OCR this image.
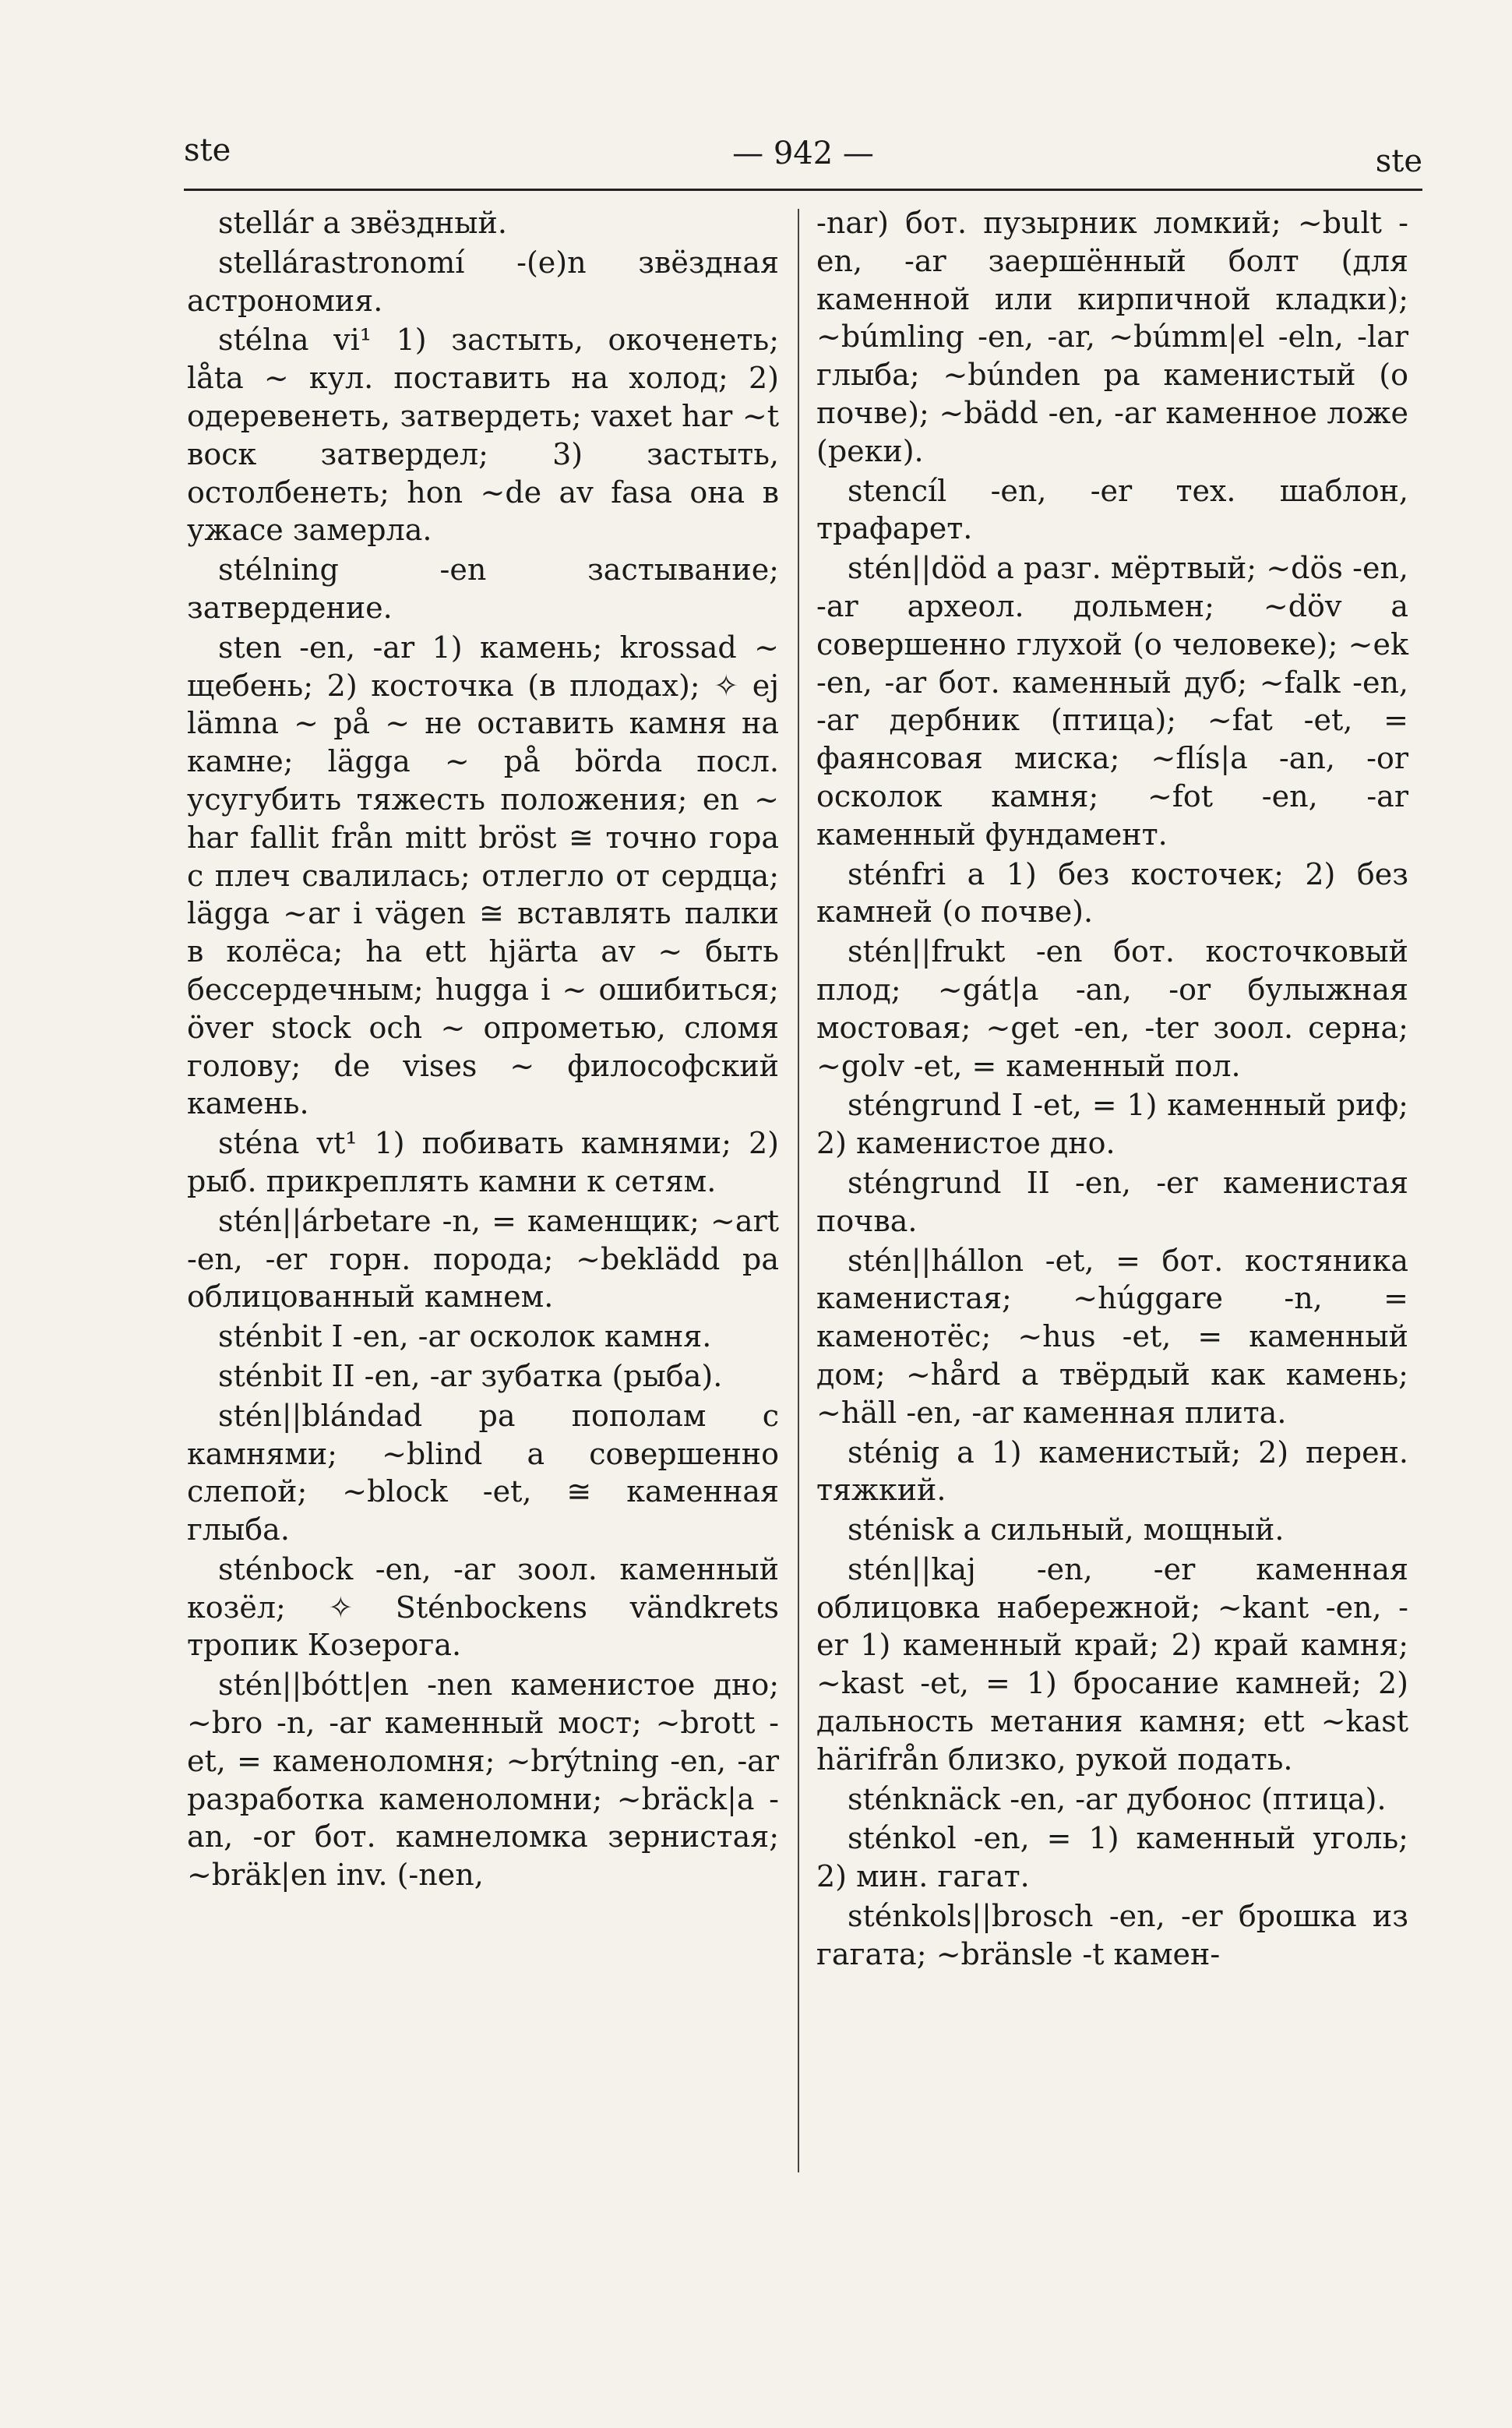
ste	— 942 —	ste

stellár a звёздный.

stellárastronomí -(e)n звёздная астрономия.

stélna vi¹ 1) застыть, окоченеть; låta ~ кул. поставить на холод; 2) одеревенеть, затвердеть; vaxet har ~t воск затвердел; 3) застыть, остолбенеть; hon ~de av fasa она в ужасе замерла.

stélning -en застывание; затвердение.

sten -en, -ar 1) камень; krossad ~ щебень; 2) косточка (в плодах); ✧ ej lämna ~ på ~ не оставить камня на камне; lägga ~ på börda посл. усугубить тяжесть положения; en ~ har fallit från mitt bröst ≅ точно гора с плеч свалилась; отлегло от сердца; lägga ~ar i vägen ≅ вставлять палки в колёса; ha ett hjärta av ~ быть бессердечным; hugga i ~ ошибиться; över stock och ~ опрометью, сломя голову; de vises ~ философский камень.

sténa vt¹ 1) побивать камнями; 2) рыб. прикреплять камни к сетям.

stén||árbetare -n, = каменщик; ~art -en, -er горн. порода; ~beklädd pa облицованный камнем.

sténbit I -en, -ar осколок камня.

sténbit II -en, -ar зубатка (рыба).

stén||blándad pa пополам с камнями; ~blind a совершенно слепой; ~block -et, ≅ каменная глыба.

sténbock -en, -ar зоол. каменный козёл; ✧ Sténbockens vändkrets тропик Козерога.

stén||bótt|en -nen каменистое дно; ~bro -n, -ar каменный мост; ~brott -et, = каменоломня; ~brýtning -en, -ar разработка каменоломни; ~bräck|a -an, -or бот. камнеломка зернистая; ~bräk|en inv. (-nen,

-nar) бот. пузырник ломкий; ~bult -en, -ar заершённый болт (для каменной или кирпичной кладки); ~búmling -en, -ar, ~búmm|el -eln, -lar глыба; ~búnden pa каменистый (о почве); ~bädd -en, -ar каменное ложе (реки).

stencíl -en, -er тех. шаблон, трафарет.

stén||död a разг. мёртвый; ~dös -en, -ar археол. дольмен; ~döv a совершенно глухой (о человеке); ~ek -en, -ar бот. каменный дуб; ~falk -en, -ar дербник (птица); ~fat -et, = фаянсовая миска; ~flís|a -an, -or осколок камня; ~fot -en, -ar каменный фундамент.

sténfri a 1) без косточек; 2) без камней (о почве).

stén||frukt -en бот. косточковый плод; ~gát|a -an, -or булыжная мостовая; ~get -en, -ter зоол. серна; ~golv -et, = каменный пол.

sténgrund I -et, = 1) каменный риф; 2) каменистое дно.

sténgrund II -en, -er каменистая почва.

stén||hállon -et, = бот. костяника каменистая; ~húggare -n, = каменотёс; ~hus -et, = каменный дом; ~hård a твёрдый как камень; ~häll -en, -ar каменная плита.

sténig a 1) каменистый; 2) перен. тяжкий.

sténisk a сильный, мощный.

stén||kaj -en, -er каменная облицовка набережной; ~kant -en, -er 1) каменный край; 2) край камня; ~kast -et, = 1) бросание камней; 2) дальность метания камня; ett ~kast härifrån близко, рукой подать.

sténknäck -en, -ar дубонос (птица).

sténkol -en, = 1) каменный уголь; 2) мин. гагат.

sténkols||brosch -en, -er брошка из гагата; ~bränsle -t камен-
